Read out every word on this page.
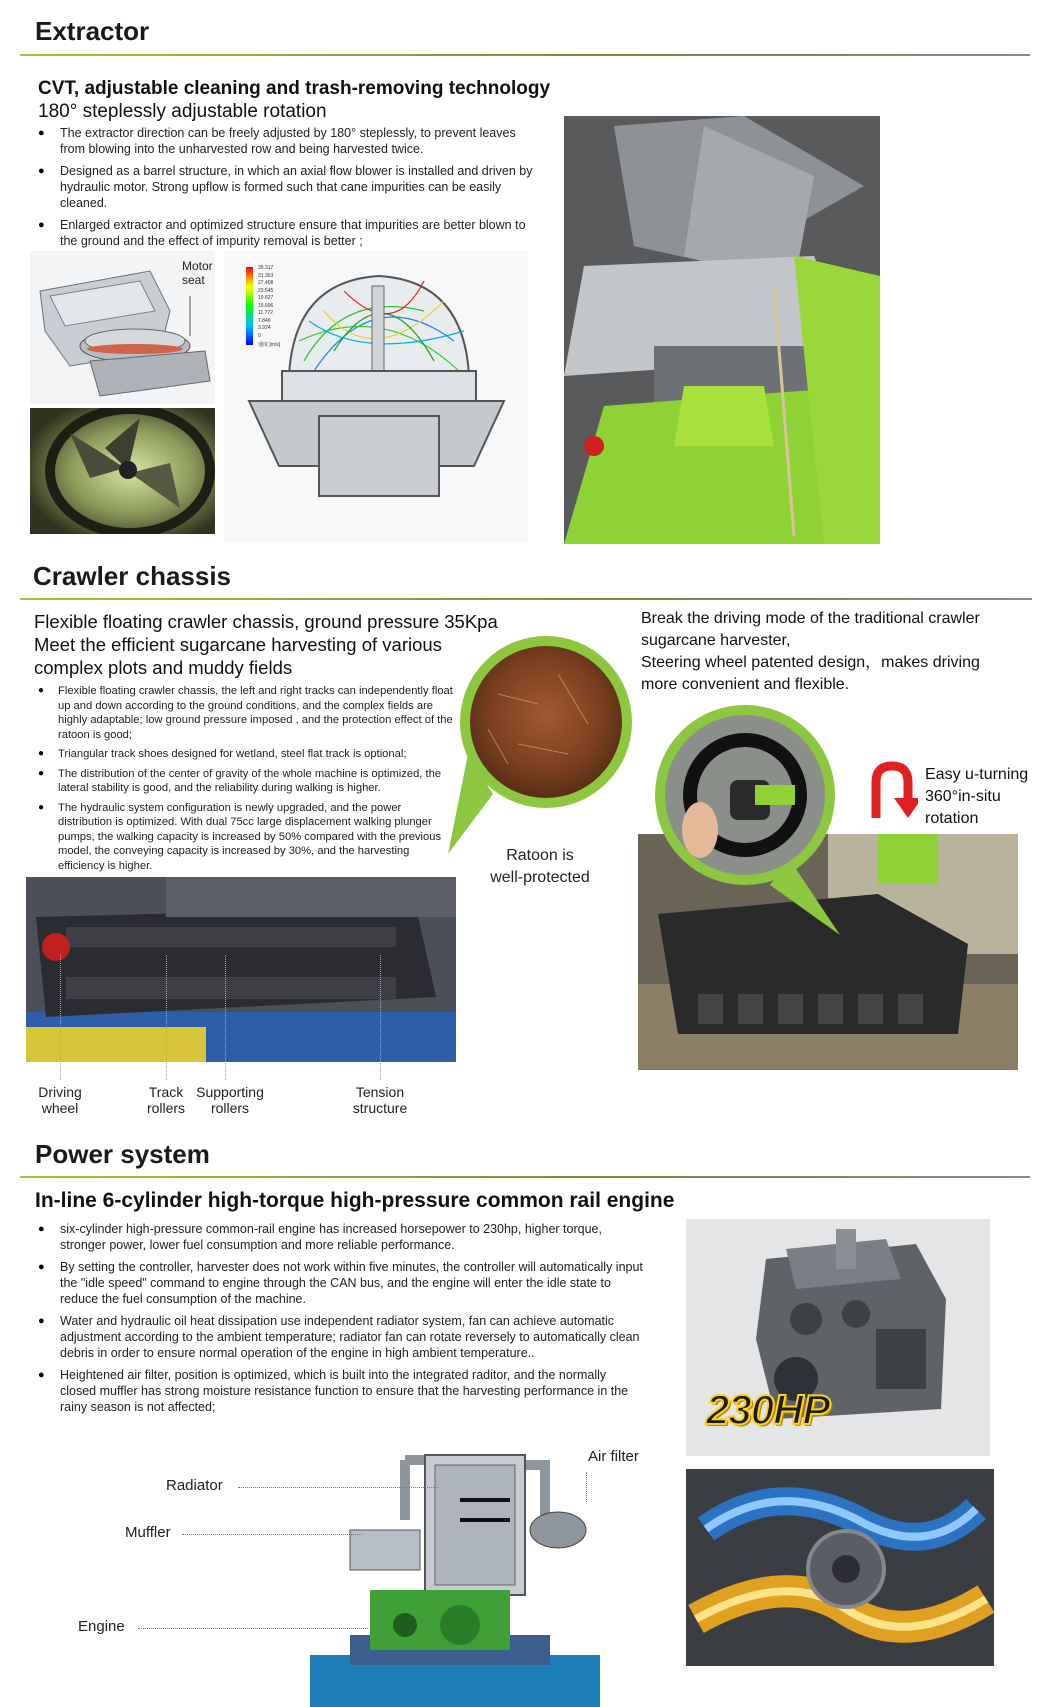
Extractor
CVT, adjustable cleaning and trash-removing technology
180° steplessly adjustable rotation
● The extractor direction can be freely adjusted by 180° steplessly, to prevent leaves from blowing into the unharvested row and being harvested twice.
● Designed as a barrel structure, in which an axial flow blower is installed and driven by hydraulic motor. Strong upflow is formed such that cane impurities can be easily cleaned.
● Enlarged extractor and optimized structure ensure that impurities are better blown to the ground and the effect of impurity removal is better ;
Motor
seat
35.317
31.363
27.408
23.545
19.627
15.696
11.772
7.846
3.924
0
速度 [m/s]
Crawler chassis
Flexible floating crawler chassis, ground pressure 35Kpa
Meet the efficient sugarcane harvesting of various
complex plots and muddy fields
● Flexible floating crawler chassis, the left and right tracks can independently float up and down according to the ground conditions, and the complex fields are highly adaptable; low ground pressure imposed , and the protection effect of the ratoon is good;
● Triangular track shoes designed for wetland, steel flat track is optional;
● The distribution of the center of gravity of the whole machine is optimized, the lateral stability is good, and the reliability during walking is higher.
● The hydraulic system configuration is newly upgraded, and the power distribution is optimized. With dual 75cc large displacement walking plunger pumps, the walking capacity is increased by 50% compared with the previous model, the conveying capacity is increased by 30%, and the harvesting efficiency is higher.
Ratoon is
well-protected
Break the driving mode of the traditional crawler
sugarcane harvester,
Steering wheel patented design，makes driving
more convenient and flexible.
Easy u-turning
360°in-situ
rotation
Driving
wheel
Track
rollers
Supporting
rollers
Tension
structure
Power system
In-line 6-cylinder high-torque high-pressure common rail engine
● six-cylinder high-pressure common-rail engine has increased horsepower to 230hp, higher torque, stronger power, lower fuel consumption and more reliable performance.
● By setting the controller, harvester does not work within five minutes, the controller will automatically input the "idle speed" command to engine through the CAN bus, and the engine will enter the idle state to reduce the fuel consumption of the machine.
● Water and hydraulic oil heat dissipation use independent radiator system, fan can achieve automatic adjustment according to the ambient temperature; radiator fan can rotate reversely to automatically clean debris in order to ensure normal operation of the engine in high ambient temperature..
● Heightened air filter, position is optimized, which is built into the integrated raditor, and the normally closed muffler has strong moisture resistance function to ensure that the harvesting performance in the rainy season is not affected;	230HP
Radiator
Muffler
Engine
Air filter
